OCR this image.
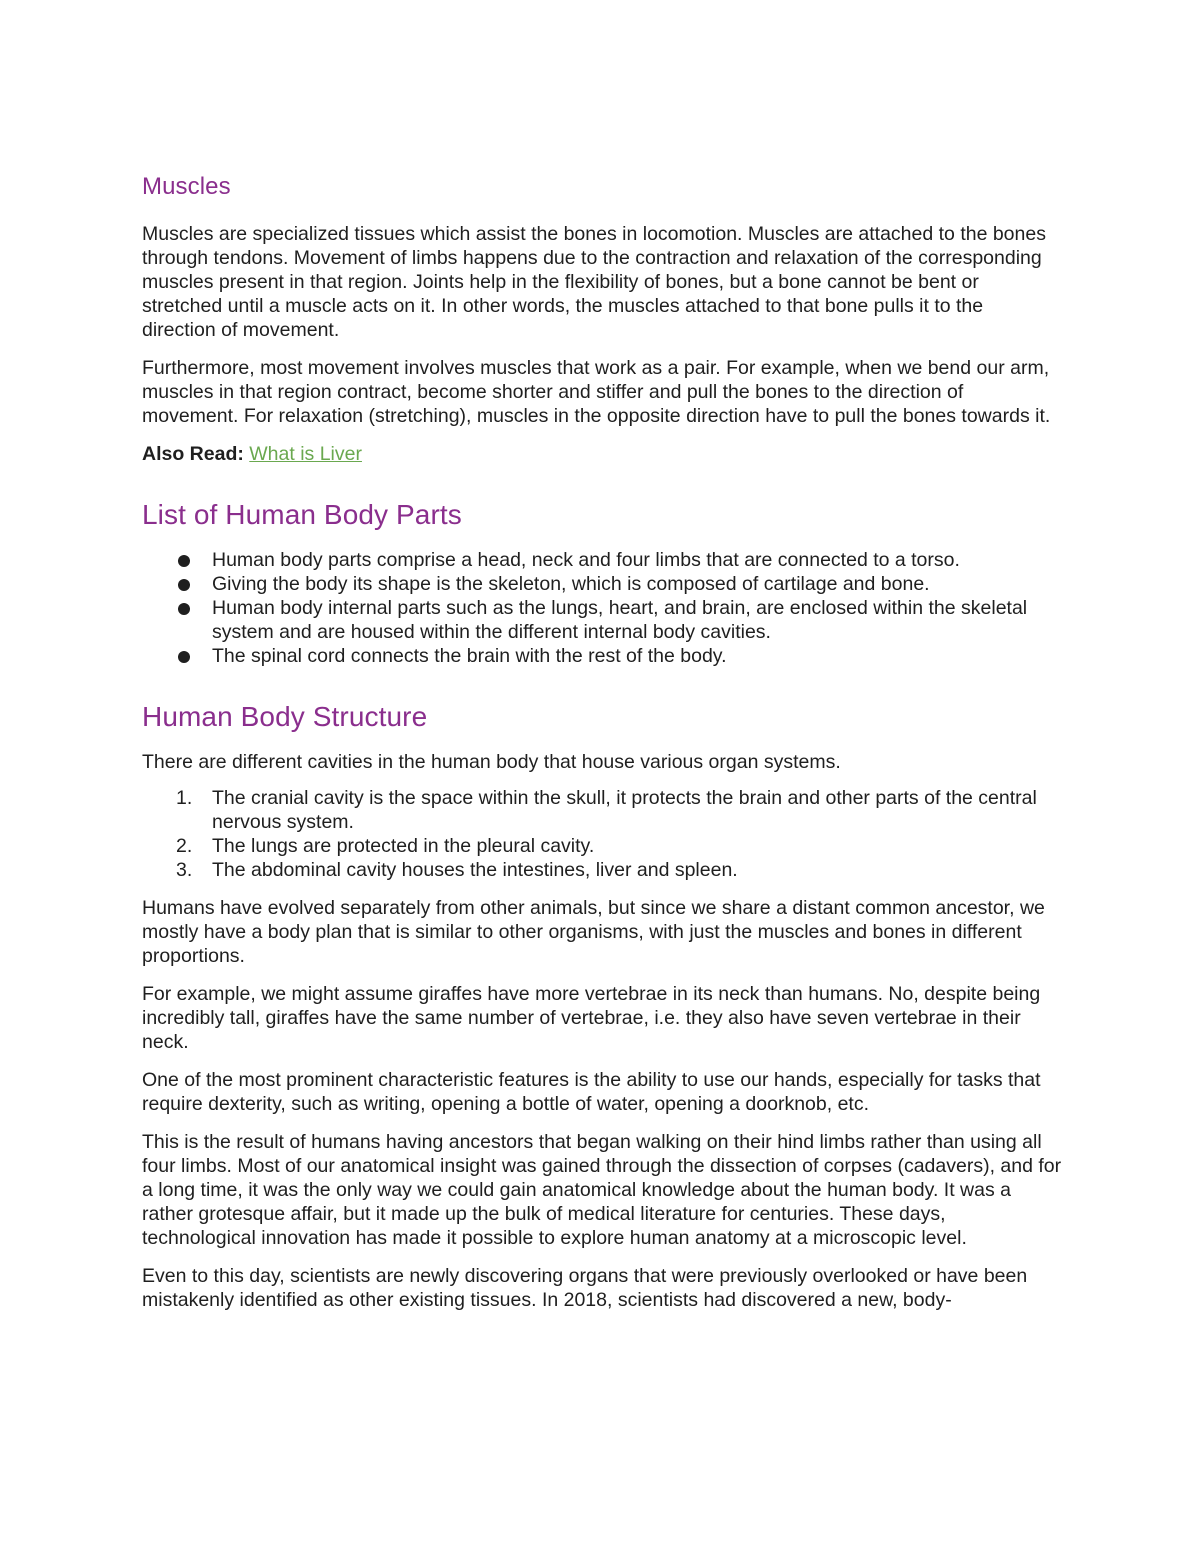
Muscles

Muscles are specialized tissues which assist the bones in locomotion. Muscles are attached to the bones through tendons. Movement of limbs happens due to the contraction and relaxation of the corresponding muscles present in that region. Joints help in the flexibility of bones, but a bone cannot be bent or stretched until a muscle acts on it. In other words, the muscles attached to that bone pulls it to the direction of movement.

Furthermore, most movement involves muscles that work as a pair. For example, when we bend our arm, muscles in that region contract, become shorter and stiffer and pull the bones to the direction of movement. For relaxation (stretching), muscles in the opposite direction have to pull the bones towards it.

Also Read: What is Liver

List of Human Body Parts
Human body parts comprise a head, neck and four limbs that are connected to a torso.
Giving the body its shape is the skeleton, which is composed of cartilage and bone.
Human body internal parts such as the lungs, heart, and brain, are enclosed within the skeletal system and are housed within the different internal body cavities.
The spinal cord connects the brain with the rest of the body.
Human Body Structure

There are different cavities in the human body that house various organ systems.

1. The cranial cavity is the space within the skull, it protects the brain and other parts of the central nervous system.
2. The lungs are protected in the pleural cavity.
3. The abdominal cavity houses the intestines, liver and spleen.

Humans have evolved separately from other animals, but since we share a distant common ancestor, we mostly have a body plan that is similar to other organisms, with just the muscles and bones in different proportions.

For example, we might assume giraffes have more vertebrae in its neck than humans. No, despite being incredibly tall, giraffes have the same number of vertebrae, i.e. they also have seven vertebrae in their neck.

One of the most prominent characteristic features is the ability to use our hands, especially for tasks that require dexterity, such as writing, opening a bottle of water, opening a doorknob, etc.

This is the result of humans having ancestors that began walking on their hind limbs rather than using all four limbs. Most of our anatomical insight was gained through the dissection of corpses (cadavers), and for a long time, it was the only way we could gain anatomical knowledge about the human body. It was a rather grotesque affair, but it made up the bulk of medical literature for centuries. These days, technological innovation has made it possible to explore human anatomy at a microscopic level.

Even to this day, scientists are newly discovering organs that were previously overlooked or have been mistakenly identified as other existing tissues. In 2018, scientists had discovered a new, body-
